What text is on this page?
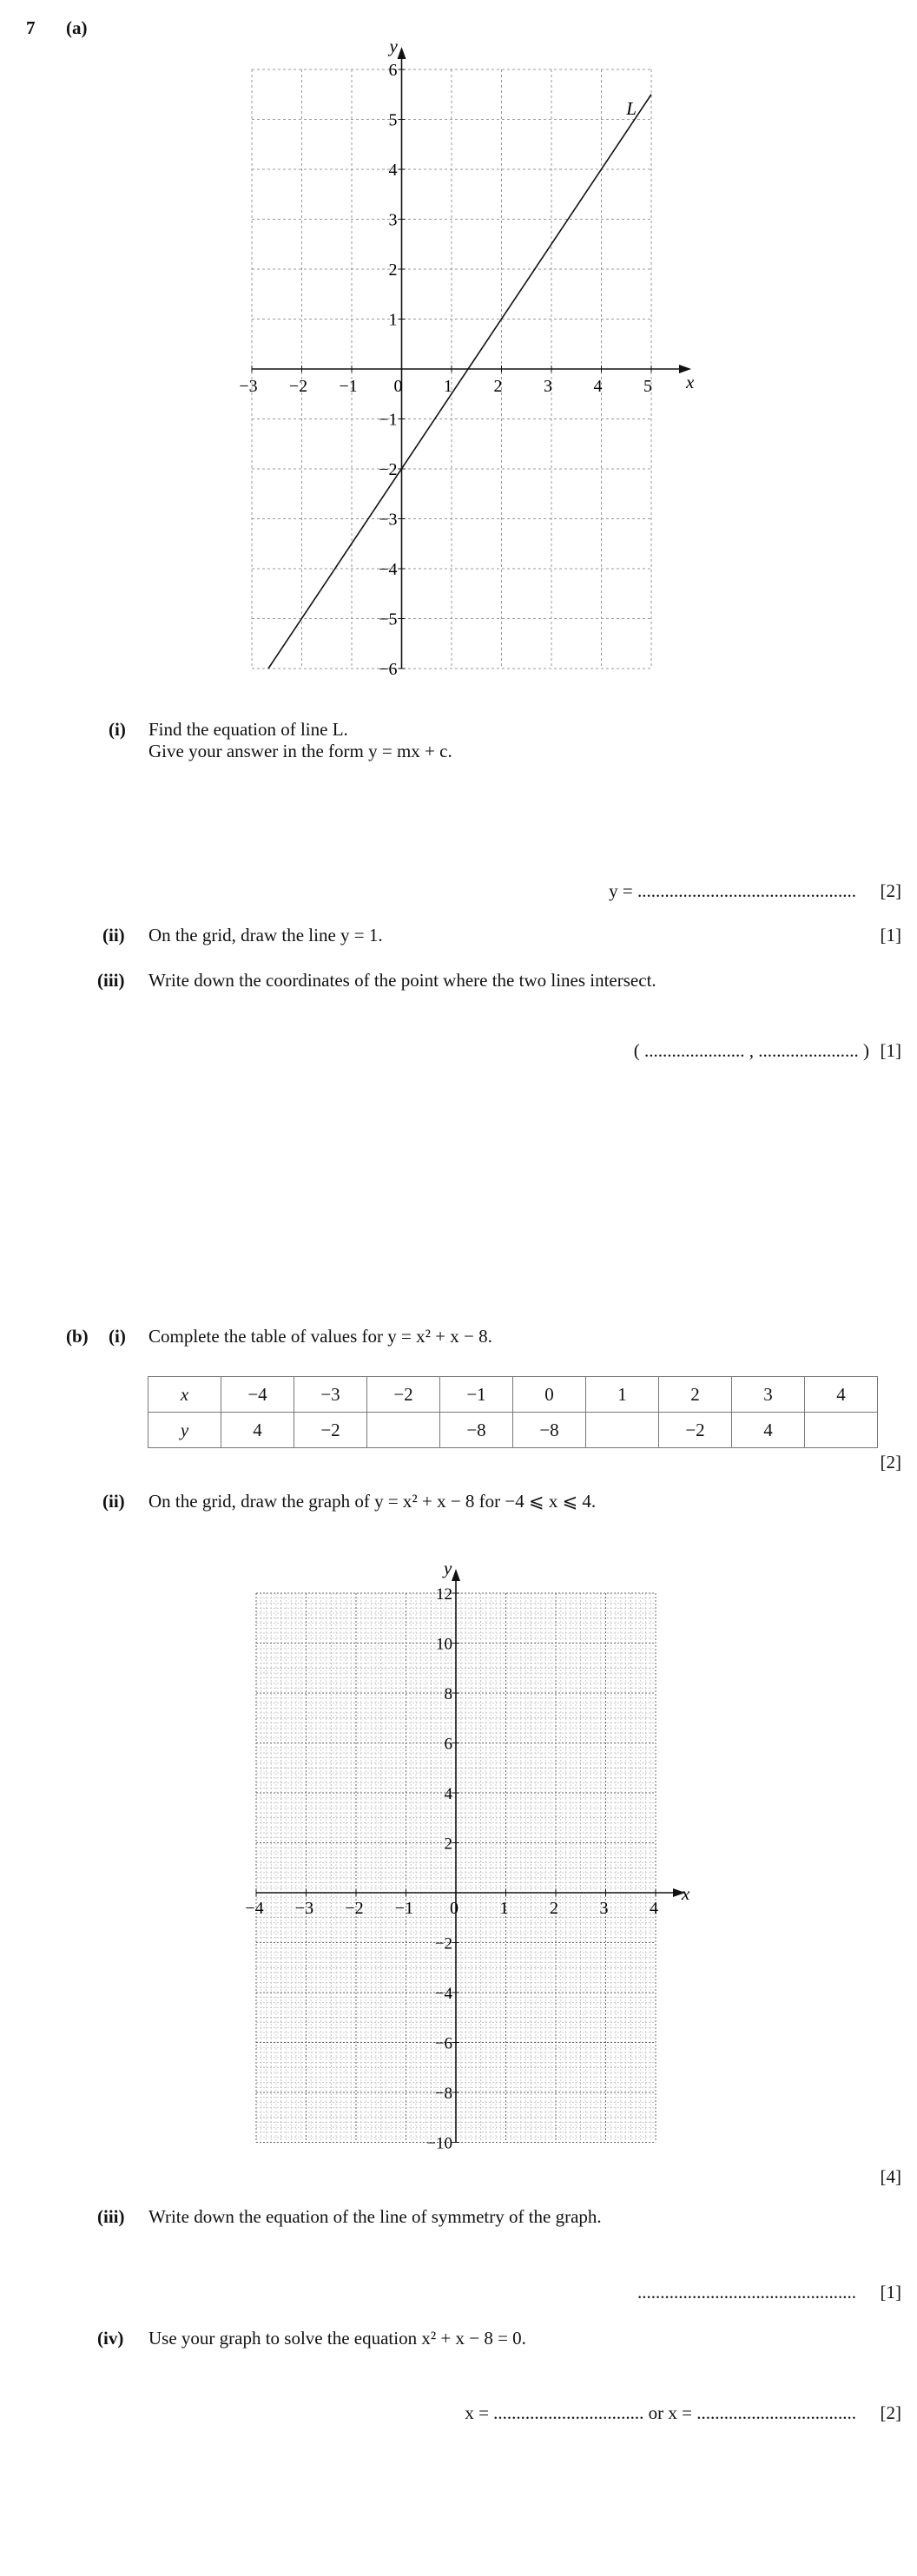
7 (a)
−3 −2 −1 0 1 2 3 4 5
6
5
4
3
2
1
−1
−2
−3
−4
−5
−6
L
x
y
(i) Find the equation of line L.
Give your answer in the form y = mx + c.
y = ................................................ [2]
(ii) On the grid, draw the line y = 1.	[1]
(iii) Write down the coordinates of the point where the two lines intersect.
( ...................... , ...................... ) [1]
(b) (i) Complete the table of values for y = x² + x − 8.
x	−4	−3	−2	−1	0	1	2	3	4
y	4	−2		−8	−8		−2	4	
[2]
(ii) On the grid, draw the graph of y = x² + x − 8 for −4 ⩽ x ⩽ 4.
−4 −3 −2 −1 0 1 2 3 4
12
10
8
6
4
2
−2
−4
−6
−8
−10
x
y
[4]
(iii) Write down the equation of the line of symmetry of the graph.
................................................ [1]
(iv) Use your graph to solve the equation x² + x − 8 = 0.
x = ................................. or x = ................................... [2]
